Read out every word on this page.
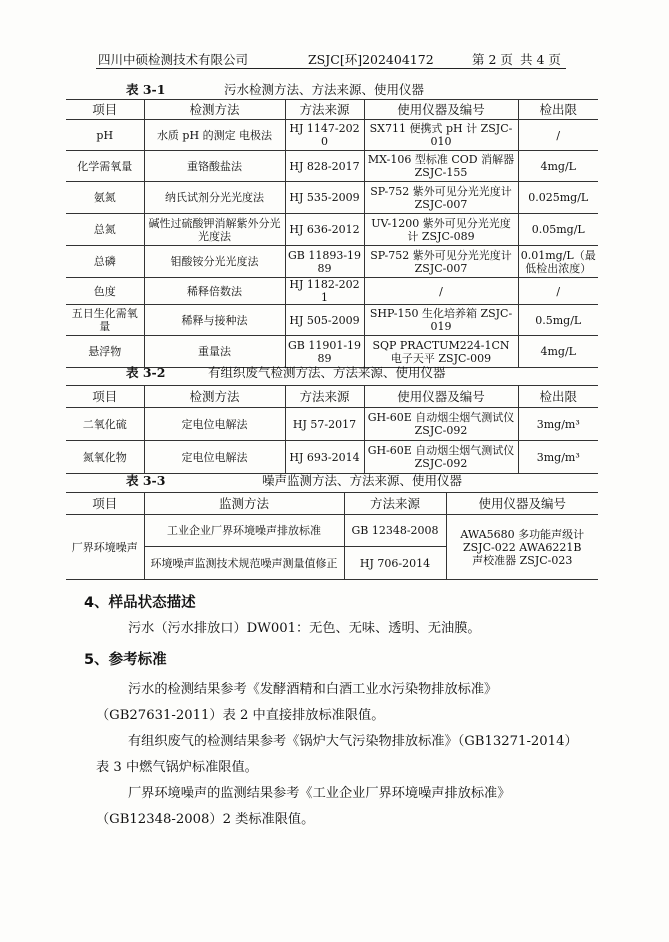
四川中硕检测技术有限公司	ZSJC[环]202404172	第 2 页 共 4 页
表 3-1	污水检测方法、方法来源、使用仪器
项目	检测方法	方法来源	使用仪器及编号	检出限
pH	水质 pH 的测定 电极法	HJ 1147-2020	SX711 便携式 pH 计 ZSJC-010	/
化学需氧量	重铬酸盐法	HJ 828-2017	MX-106 型标准 COD 消解器 ZSJC-155	4mg/L
氨氮	纳氏试剂分光光度法	HJ 535-2009	SP-752 紫外可见分光光度计 ZSJC-007	0.025mg/L
总氮	碱性过硫酸钾消解紫外分光光度法	HJ 636-2012	UV-1200 紫外可见分光光度计 ZSJC-089	0.05mg/L
总磷	钼酸铵分光光度法	GB 11893-1989	SP-752 紫外可见分光光度计 ZSJC-007	0.01mg/L（最低检出浓度）
色度	稀释倍数法	HJ 1182-2021	/	/
五日生化需氧量	稀释与接种法	HJ 505-2009	SHP-150 生化培养箱 ZSJC-019	0.5mg/L
悬浮物	重量法	GB 11901-1989	SQP PRACTUM224-1CN 电子天平 ZSJC-009	4mg/L
表 3-2	有组织废气检测方法、方法来源、使用仪器
项目	检测方法	方法来源	使用仪器及编号	检出限
二氧化硫	定电位电解法	HJ 57-2017	GH-60E 自动烟尘烟气测试仪 ZSJC-092	3mg/m³
氮氧化物	定电位电解法	HJ 693-2014	GH-60E 自动烟尘烟气测试仪 ZSJC-092	3mg/m³
表 3-3	噪声监测方法、方法来源、使用仪器
项目	监测方法	方法来源	使用仪器及编号
厂界环境噪声	工业企业厂界环境噪声排放标准	GB 12348-2008	AWA5680 多功能声级计 ZSJC-022 AWA6221B 声校准器 ZSJC-023
	环境噪声监测技术规范噪声测量值修正	HJ 706-2014	
4、样品状态描述
污水（污水排放口）DW001：无色、无味、透明、无油膜。
5、参考标准
污水的检测结果参考《发酵酒精和白酒工业水污染物排放标准》
（GB27631-2011）表 2 中直接排放标准限值。
有组织废气的检测结果参考《锅炉大气污染物排放标准》（GB13271-2014）
表 3 中燃气锅炉标准限值。
厂界环境噪声的监测结果参考《工业企业厂界环境噪声排放标准》
（GB12348-2008）2 类标准限值。
